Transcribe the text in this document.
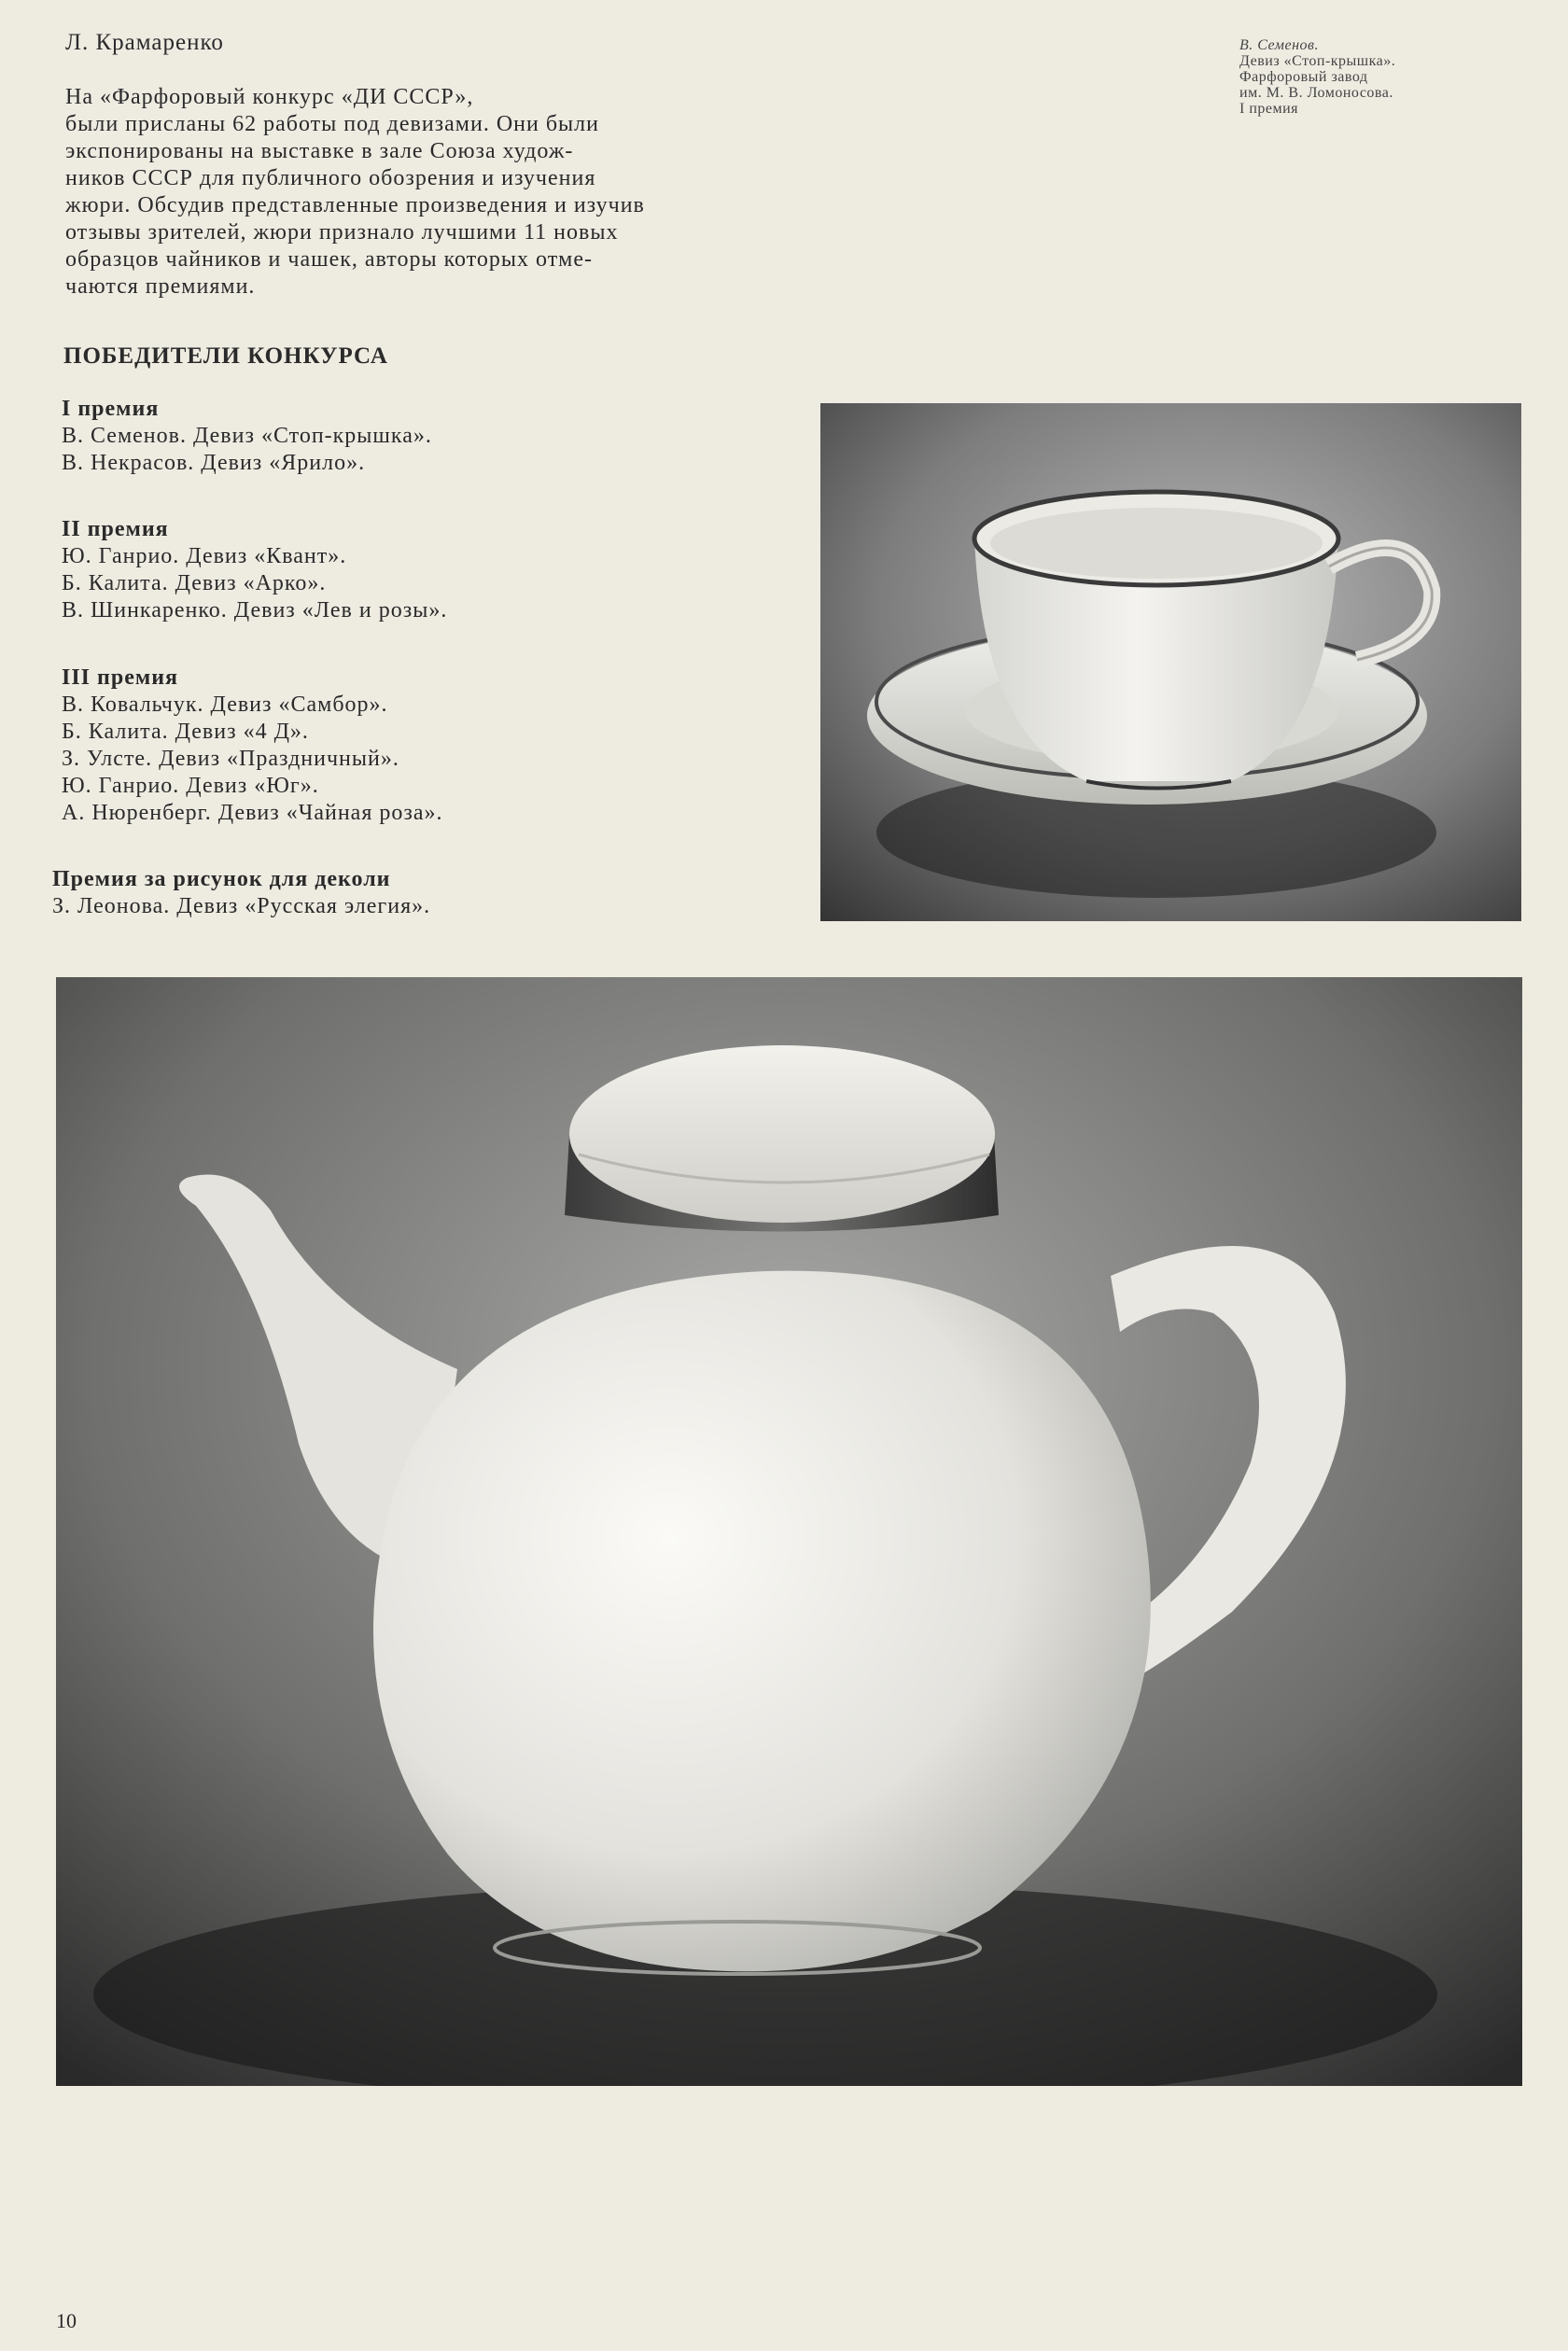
Л. Крамаренко

На «Фарфоровый конкурс «ДИ СССР»,

были присланы 62 работы под девизами. Они были

экспонированы на выставке в зале Союза худож-

ников СССР для публичного обозрения и изучения

жюри. Обсудив представленные произведения и изучив

отзывы зрителей, жюри признало лучшими 11 новых

образцов чайников и чашек, авторы которых отме-

чаются премиями.

ПОБЕДИТЕЛИ КОНКУРСА
I премия
В. Семенов. Девиз «Стоп-крышка».
В. Некрасов. Девиз «Ярило».
II премия
Ю. Ганрио. Девиз «Квант».
Б. Калита. Девиз «Арко».
В. Шинкаренко. Девиз «Лев и розы».
III премия
В. Ковальчук. Девиз «Самбор».
Б. Калита. Девиз «4 Д».
З. Улсте. Девиз «Праздничный».
Ю. Ганрио. Девиз «Юг».
А. Нюренберг. Девиз «Чайная роза».
Премия за рисунок для деколи
З. Леонова. Девиз «Русская элегия».
В. Семенов.
Девиз «Стоп-крышка».
Фарфоровый завод
им. М. В. Ломоносова.
I премия
10
